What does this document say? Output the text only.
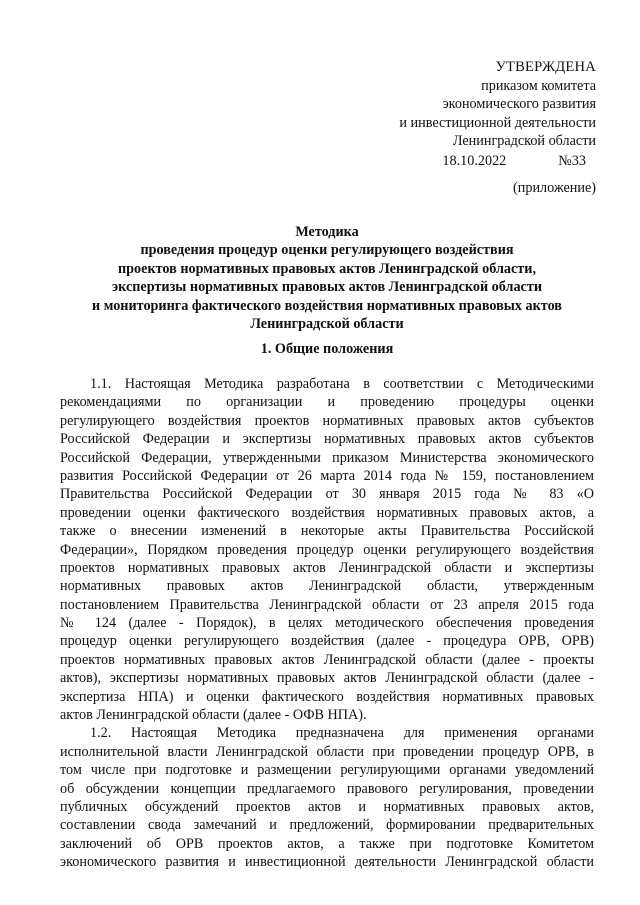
УТВЕРЖДЕНА
приказом комитета
экономического развития
и инвестиционной деятельности
Ленинградской области
18.10.2022	№33
(приложение)
Методика
проведения процедур оценки регулирующего воздействия
проектов нормативных правовых актов Ленинградской области,
экспертизы нормативных правовых актов Ленинградской области
и мониторинга фактического воздействия нормативных правовых актов
Ленинградской области
1. Общие положения
1.1. Настоящая Методика разработана в соответствии с Методическими
рекомендациями по организации и проведению процедуры оценки
регулирующего воздействия проектов нормативных правовых актов субъектов
Российской Федерации и экспертизы нормативных правовых актов субъектов
Российской Федерации, утвержденными приказом Министерства экономического
развития Российской Федерации от 26 марта 2014 года № 159, постановлением
Правительства Российской Федерации от 30 января 2015 года № 83 «О
проведении оценки фактического воздействия нормативных правовых актов, а
также о внесении изменений в некоторые акты Правительства Российской
Федерации», Порядком проведения процедур оценки регулирующего воздействия
проектов нормативных правовых актов Ленинградской области и экспертизы
нормативных правовых актов Ленинградской области, утвержденным
постановлением Правительства Ленинградской области от 23 апреля 2015 года
№ 124 (далее - Порядок), в целях методического обеспечения проведения
процедур оценки регулирующего воздействия (далее - процедура ОРВ, ОРВ)
проектов нормативных правовых актов Ленинградской области (далее - проекты
актов), экспертизы нормативных правовых актов Ленинградской области (далее -
экспертиза НПА) и оценки фактического воздействия нормативных правовых
актов Ленинградской области (далее - ОФВ НПА).
1.2. Настоящая Методика предназначена для применения органами
исполнительной власти Ленинградской области при проведении процедур ОРВ, в
том числе при подготовке и размещении регулирующими органами уведомлений
об обсуждении концепции предлагаемого правового регулирования, проведении
публичных обсуждений проектов актов и нормативных правовых актов,
составлении свода замечаний и предложений, формировании предварительных
заключений об ОРВ проектов актов, а также при подготовке Комитетом
экономического развития и инвестиционной деятельности Ленинградской области
